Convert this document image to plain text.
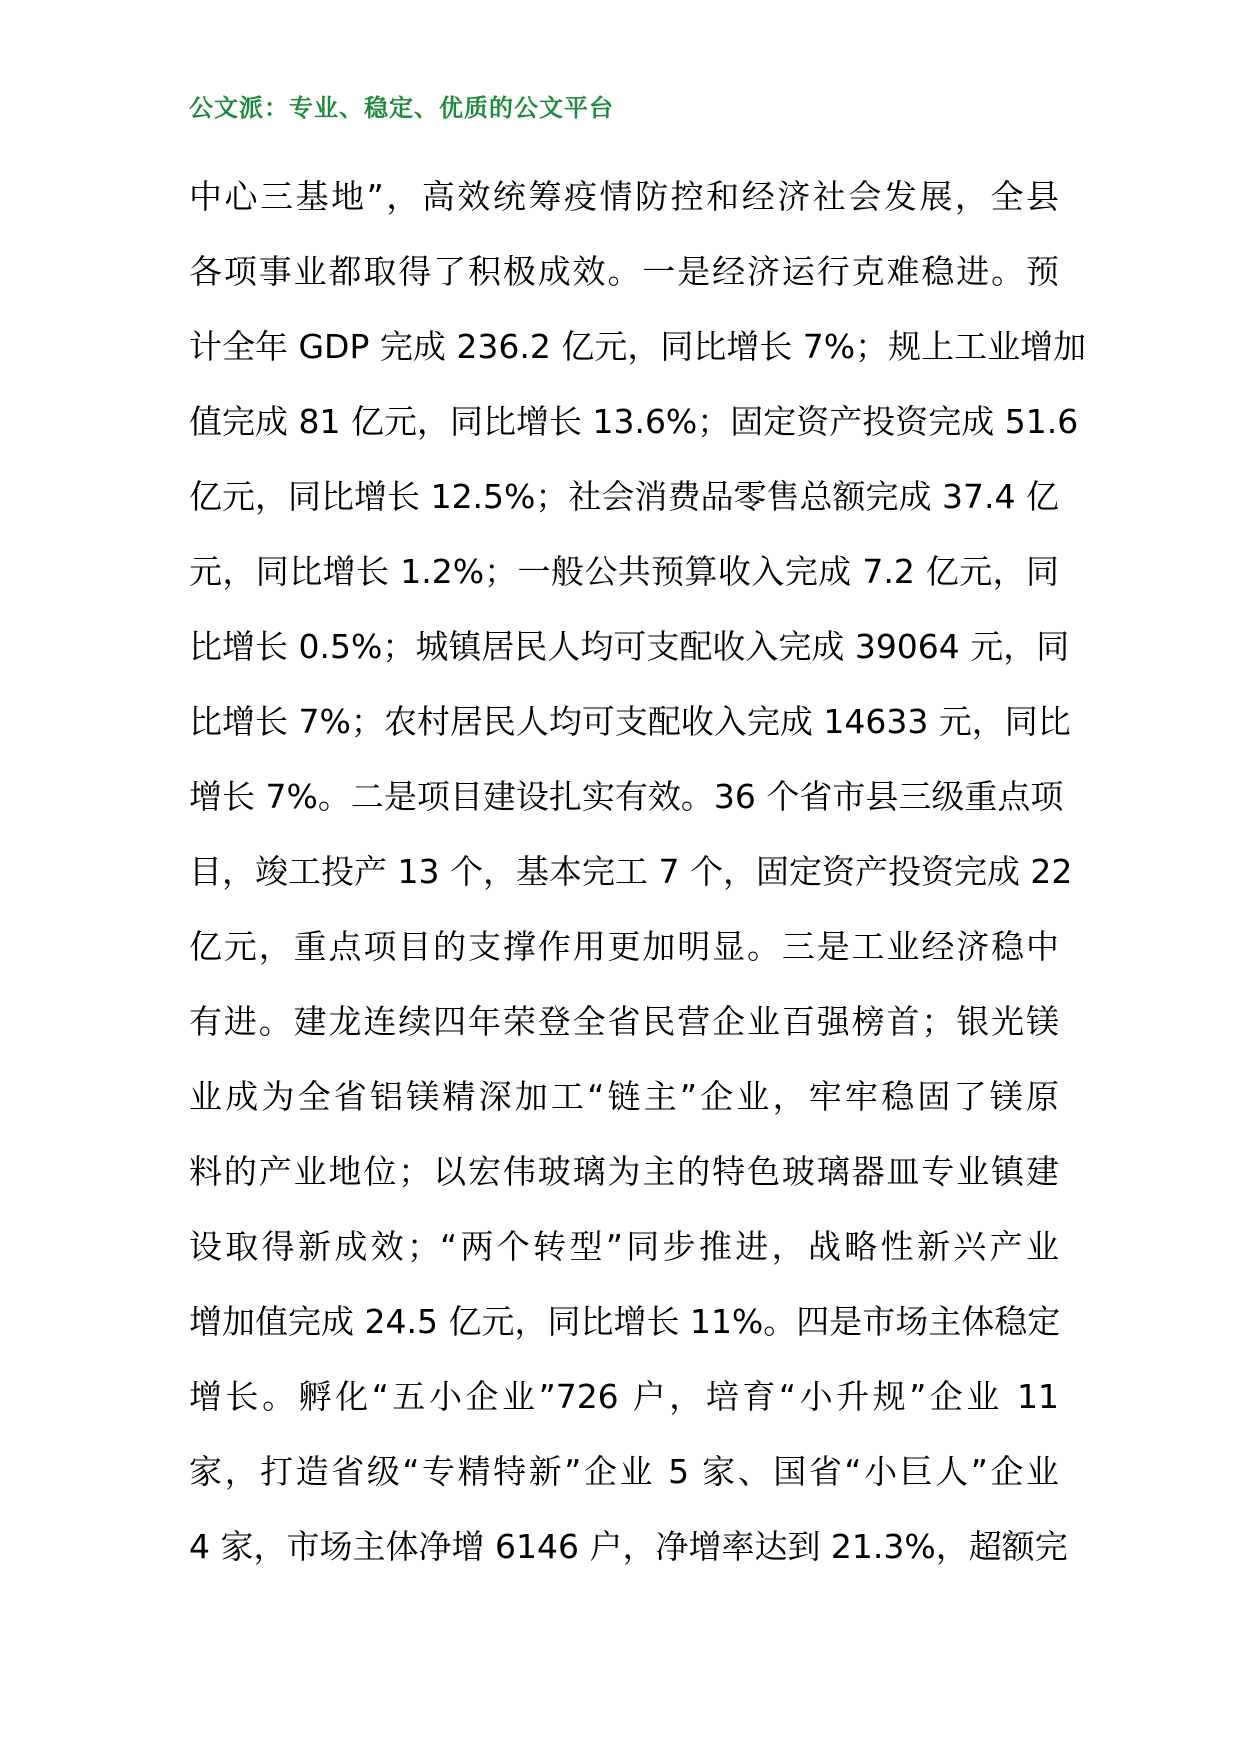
公文派：专业、稳定、优质的公文平台
中心三基地”，高效统筹疫情防控和经济社会发展，全县
各项事业都取得了积极成效。一是经济运行克难稳进。预
计全年 GDP 完成 236.2 亿元，同比增长 7%；规上工业增加
值完成 81 亿元，同比增长 13.6%；固定资产投资完成 51.6
亿元，同比增长 12.5%；社会消费品零售总额完成 37.4 亿
元，同比增长 1.2%；一般公共预算收入完成 7.2 亿元，同
比增长 0.5%；城镇居民人均可支配收入完成 39064 元，同
比增长 7%；农村居民人均可支配收入完成 14633 元，同比
增长 7%。二是项目建设扎实有效。36 个省市县三级重点项
目，竣工投产 13 个，基本完工 7 个，固定资产投资完成 22
亿元，重点项目的支撑作用更加明显。三是工业经济稳中
有进。建龙连续四年荣登全省民营企业百强榜首；银光镁
业成为全省铝镁精深加工“链主”企业，牢牢稳固了镁原
料的产业地位；以宏伟玻璃为主的特色玻璃器皿专业镇建
设取得新成效；“两个转型”同步推进，战略性新兴产业
增加值完成 24.5 亿元，同比增长 11%。四是市场主体稳定
增长。孵化“五小企业”726 户，培育“小升规”企业 11
家，打造省级“专精特新”企业 5 家、国省“小巨人”企业
4 家，市场主体净增 6146 户，净增率达到 21.3%，超额完
